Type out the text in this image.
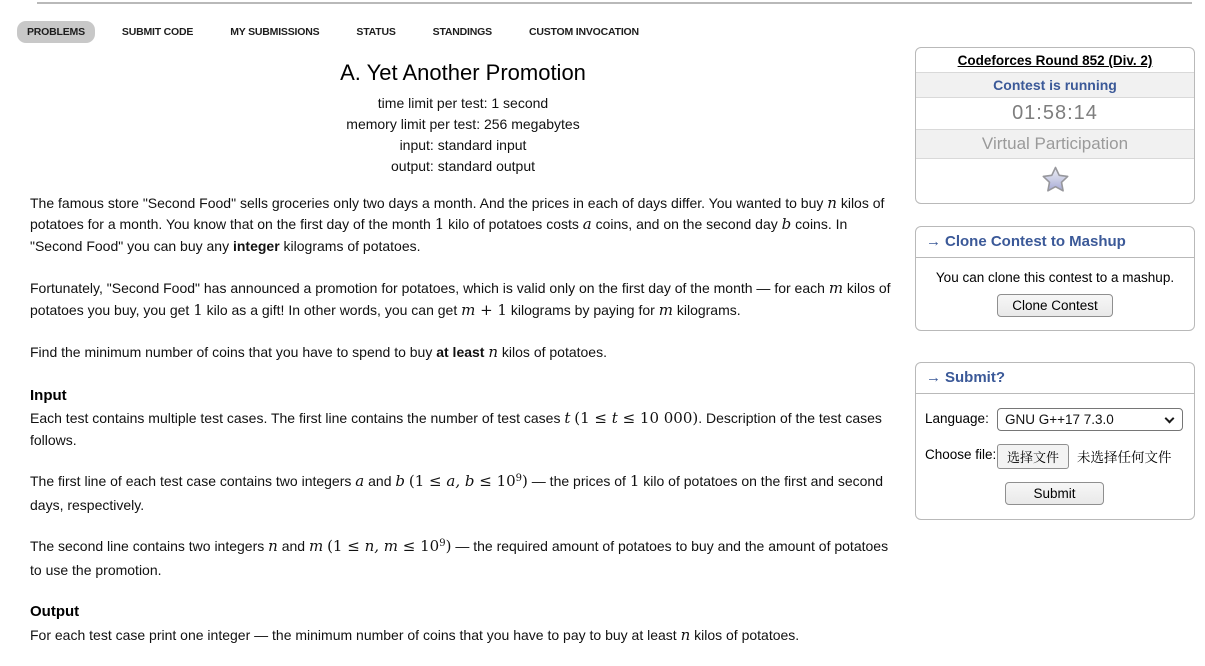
PROBLEMS	SUBMIT CODE	MY SUBMISSIONS	STATUS	STANDINGS	CUSTOM INVOCATION
A. Yet Another Promotion
time limit per test: 1 second
memory limit per test: 256 megabytes
input: standard input
output: standard output
The famous store "Second Food" sells groceries only two days a month. And the prices in each of days differ. You wanted to buy n kilos of potatoes for a month. You know that on the first day of the month 1 kilo of potatoes costs a coins, and on the second day b coins. In "Second Food" you can buy any integer kilograms of potatoes.
Fortunately, "Second Food" has announced a promotion for potatoes, which is valid only on the first day of the month — for each m kilos of potatoes you buy, you get 1 kilo as a gift! In other words, you can get m + 1 kilograms by paying for m kilograms.
Find the minimum number of coins that you have to spend to buy at least n kilos of potatoes.
Input
Each test contains multiple test cases. The first line contains the number of test cases t (1 ≤ t ≤ 10 000). Description of the test cases follows.
The first line of each test case contains two integers a and b (1 ≤ a, $b \le 10^9$) — the prices of 1 kilo of potatoes on the first and second days, respectively.
The second line contains two integers n and m (1 ≤ n, $m \le 10^9$) — the required amount of potatoes to buy and the amount of potatoes to use the promotion.
Output
For each test case print one integer — the minimum number of coins that you have to pay to buy at least n kilos of potatoes.
Codeforces Round 852 (Div. 2)
Contest is running
01:58:14
Virtual Participation
→ Clone Contest to Mashup
You can clone this contest to a mashup.
Clone Contest
→ Submit?
Language:	GNU G++17 7.3.0
Choose file: 选择文件 未选择任何文件
Submit
